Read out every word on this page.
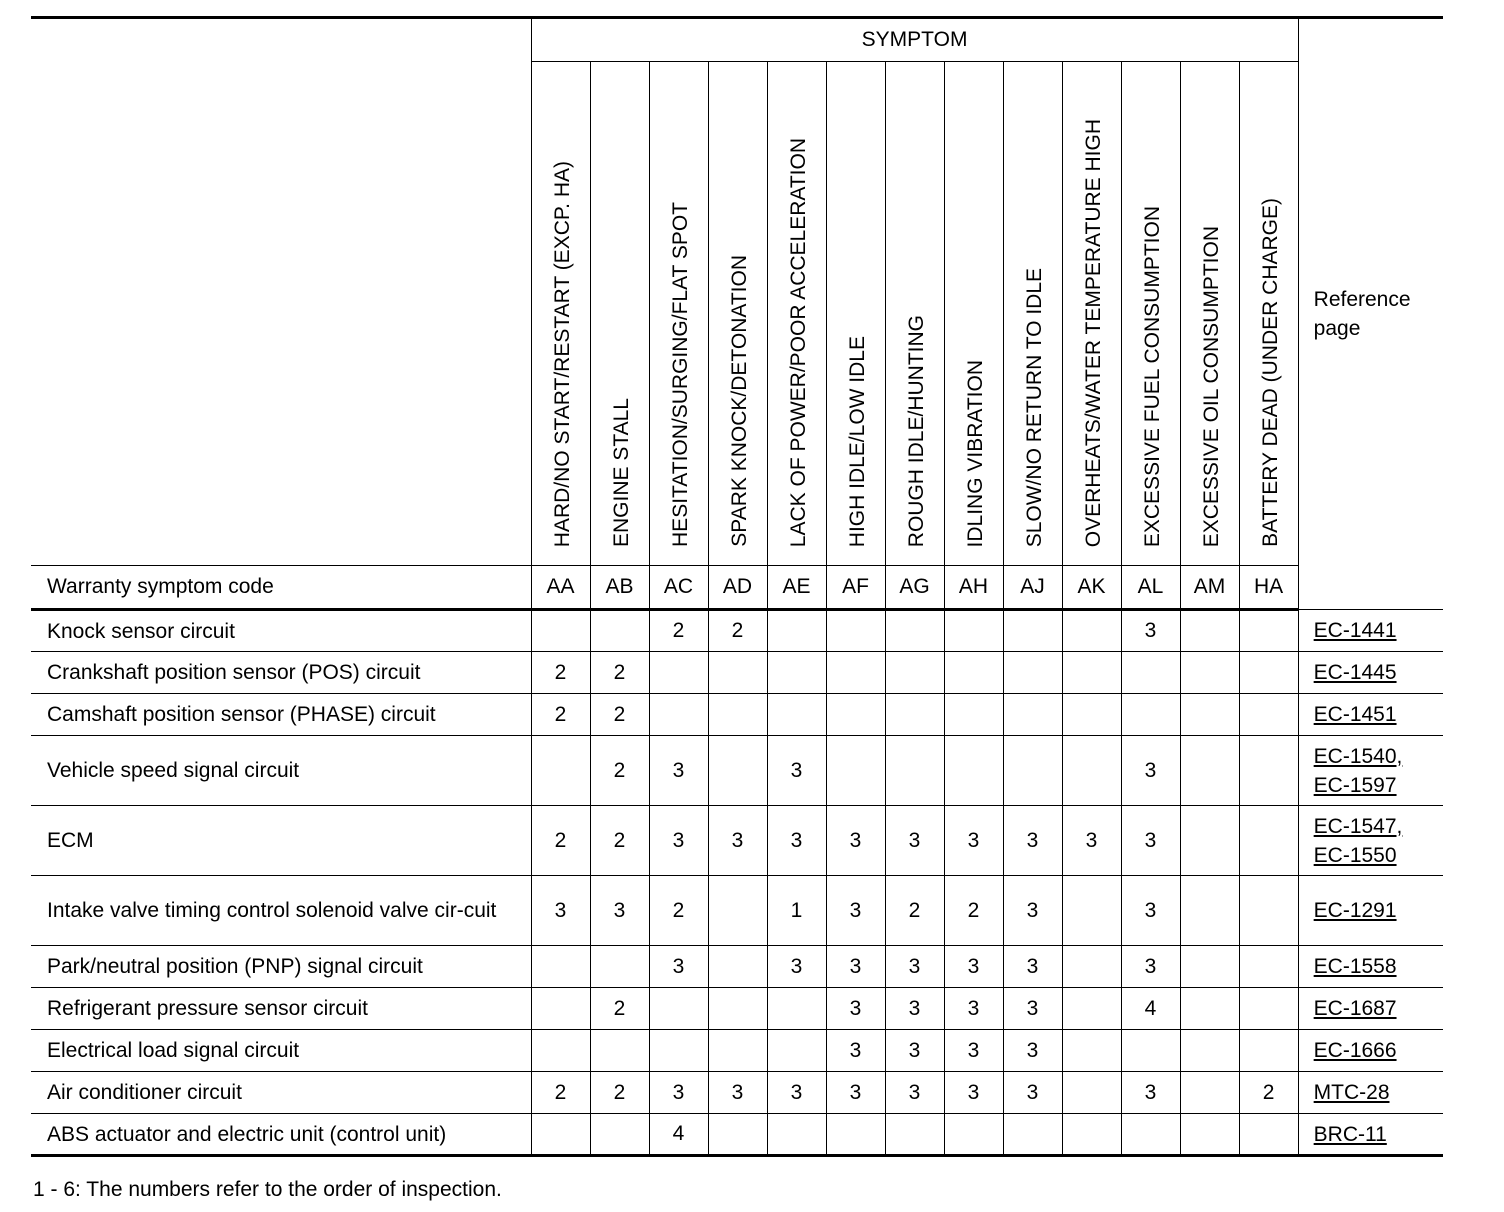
	SYMPTOM													Reference page	
	HARD/NO START/RESTART (EXCP. HA)	ENGINE STALL	HESITATION/SURGING/FLAT SPOT	SPARK KNOCK/DETONATION	LACK OF POWER/POOR ACCELERATION	HIGH IDLE/LOW IDLE	ROUGH IDLE/HUNTING	IDLING VIBRATION	SLOW/NO RETURN TO IDLE	OVERHEATS/WATER TEMPERATURE HIGH	EXCESSIVE FUEL CONSUMPTION	EXCESSIVE OIL CONSUMPTION	BATTERY DEAD (UNDER CHARGE)		
Warranty symptom code	AA	AB	AC	AD	AE	AF	AG	AH	AJ	AK	AL	AM	HA		
Knock sensor circuit			2	2							3			EC-1441	

Crankshaft position sensor (POS) circuit	2	2												EC-1445	

Camshaft position sensor (PHASE) circuit	2	2												EC-1451	

Vehicle speed signal circuit		2	3		3						3			EC-1540,
EC-1597	

ECM	2	2	3	3	3	3	3	3	3	3	3			EC-1547,
EC-1550	

Intake valve timing control solenoid valve cir-cuit	3	3	2		1	3	2	2	3		3			EC-1291	

Park/neutral position (PNP) signal circuit			3		3	3	3	3	3		3			EC-1558	

Refrigerant pressure sensor circuit		2				3	3	3	3		4			EC-1687	

Electrical load signal circuit						3	3	3	3					EC-1666	

Air conditioner circuit	2	2	3	3	3	3	3	3	3		3		2	MTC-28	

ABS actuator and electric unit (control unit)			4											BRC-11	
1 - 6: The numbers refer to the order of inspection.
